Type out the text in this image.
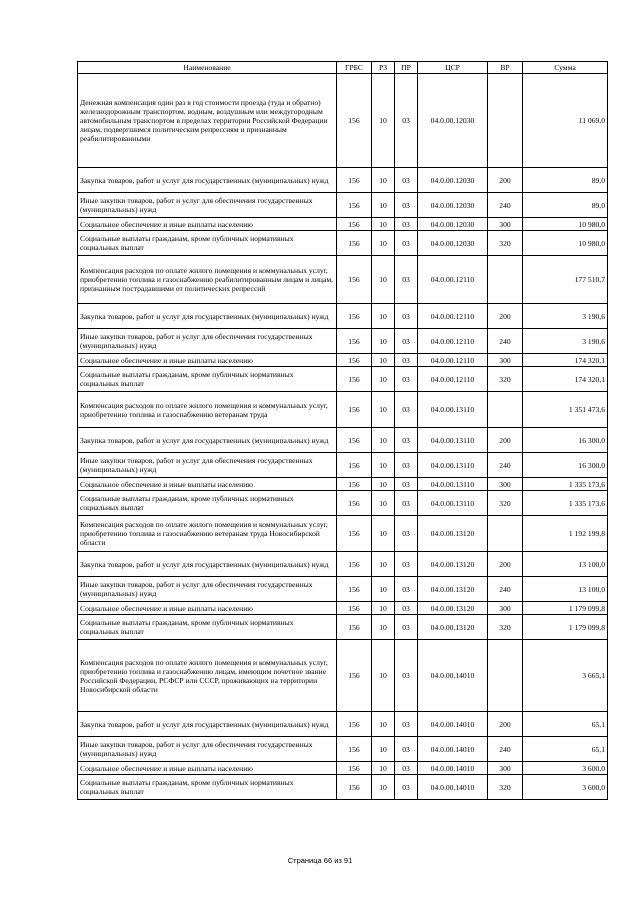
Наименование	ГРБС	РЗ	ПР	ЦСР	ВР	Сумма
Денежная компенсация один раз в год стоимости проезда (туда и обратно) железнодорожным транспортом, водным, воздушным или междугородным автомобильным транспортом в пределах территории Российской Федерации лицам, подвергшимся политическим репрессиям и признанным реабилитированными	156	10	03	04.0.00.12030		11 069,0
Закупка товаров, работ и услуг для государственных (муниципальных) нужд	156	10	03	04.0.00.12030	200	89,0
Иные закупки товаров, работ и услуг для обеспечения государственных (муниципальных) нужд	156	10	03	04.0.00.12030	240	89,0
Социальное обеспечение и иные выплаты населению	156	10	03	04.0.00.12030	300	10 980,0
Социальные выплаты гражданам, кроме публичных нормативных социальных выплат	156	10	03	04.0.00.12030	320	10 980,0
Компенсация расходов по оплате жилого помещения и коммунальных услуг, приобретению топлива и газоснабжению реабилитированным лицам и лицам, признанным пострадавшими от политических репрессий	156	10	03	04.0.00.12110		177 510,7
Закупка товаров, работ и услуг для государственных (муниципальных) нужд	156	10	03	04.0.00.12110	200	3 190,6
Иные закупки товаров, работ и услуг для обеспечения государственных (муниципальных) нужд	156	10	03	04.0.00.12110	240	3 190,6
Социальное обеспечение и иные выплаты населению	156	10	03	04.0.00.12110	300	174 320,1
Социальные выплаты гражданам, кроме публичных нормативных социальных выплат	156	10	03	04.0.00.12110	320	174 320,1
Компенсация расходов по оплате жилого помещения и коммунальных услуг, приобретению топлива и газоснабжению ветеранам труда	156	10	03	04.0.00.13110		1 351 473,6
Закупка товаров, работ и услуг для государственных (муниципальных) нужд	156	10	03	04.0.00.13110	200	16 300,0
Иные закупки товаров, работ и услуг для обеспечения государственных (муниципальных) нужд	156	10	03	04.0.00.13110	240	16 300,0
Социальное обеспечение и иные выплаты населению	156	10	03	04.0.00.13110	300	1 335 173,6
Социальные выплаты гражданам, кроме публичных нормативных социальных выплат	156	10	03	04.0.00.13110	320	1 335 173,6
Компенсация расходов по оплате жилого помещения и коммунальных услуг, приобретению топлива и газоснабжению ветеранам труда Новосибирской области	156	10	03	04.0.00.13120		1 192 199,8
Закупка товаров, работ и услуг для государственных (муниципальных) нужд	156	10	03	04.0.00.13120	200	13 100,0
Иные закупки товаров, работ и услуг для обеспечения государственных (муниципальных) нужд	156	10	03	04.0.00.13120	240	13 100,0
Социальное обеспечение и иные выплаты населению	156	10	03	04.0.00.13120	300	1 179 099,8
Социальные выплаты гражданам, кроме публичных нормативных социальных выплат	156	10	03	04.0.00.13120	320	1 179 099,8
Компенсация расходов по оплате жилого помещения и коммунальных услуг, приобретению топлива и газоснабжению лицам, имеющим почетное звание Российской Федерации, РСФСР или СССР, проживающих на территории Новосибирской области	156	10	03	04.0.00.14010		3 665,1
Закупка товаров, работ и услуг для государственных (муниципальных) нужд	156	10	03	04.0.00.14010	200	65,1
Иные закупки товаров, работ и услуг для обеспечения государственных (муниципальных) нужд	156	10	03	04.0.00.14010	240	65,1
Социальное обеспечение и иные выплаты населению	156	10	03	04.0.00.14010	300	3 600,0
Социальные выплаты гражданам, кроме публичных нормативных социальных выплат	156	10	03	04.0.00.14010	320	3 600,0
Страница 66 из 91
